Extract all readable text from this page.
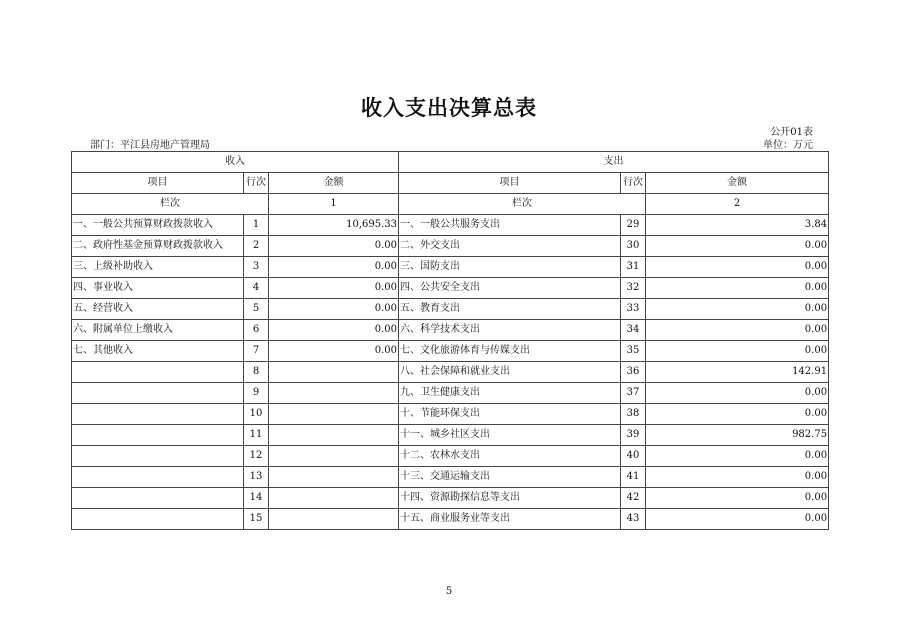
收入支出决算总表
公开01表
部门：平江县房地产管理局	单位：万元
收入			支出		
项目	行次	金额	项目	行次	金额
栏次		1	栏次		2
一、一般公共预算财政拨款收入	1	10,695.33	一、一般公共服务支出	29	3.84
二、政府性基金预算财政拨款收入	2	0.00	二、外交支出	30	0.00
三、上级补助收入	3	0.00	三、国防支出	31	0.00
四、事业收入	4	0.00	四、公共安全支出	32	0.00
五、经营收入	5	0.00	五、教育支出	33	0.00
六、附属单位上缴收入	6	0.00	六、科学技术支出	34	0.00
七、其他收入	7	0.00	七、文化旅游体育与传媒支出	35	0.00
	8		八、社会保障和就业支出	36	142.91
	9		九、卫生健康支出	37	0.00
	10		十、节能环保支出	38	0.00
	11		十一、城乡社区支出	39	982.75
	12		十二、农林水支出	40	0.00
	13		十三、交通运输支出	41	0.00
	14		十四、资源勘探信息等支出	42	0.00
	15		十五、商业服务业等支出	43	0.00
5
